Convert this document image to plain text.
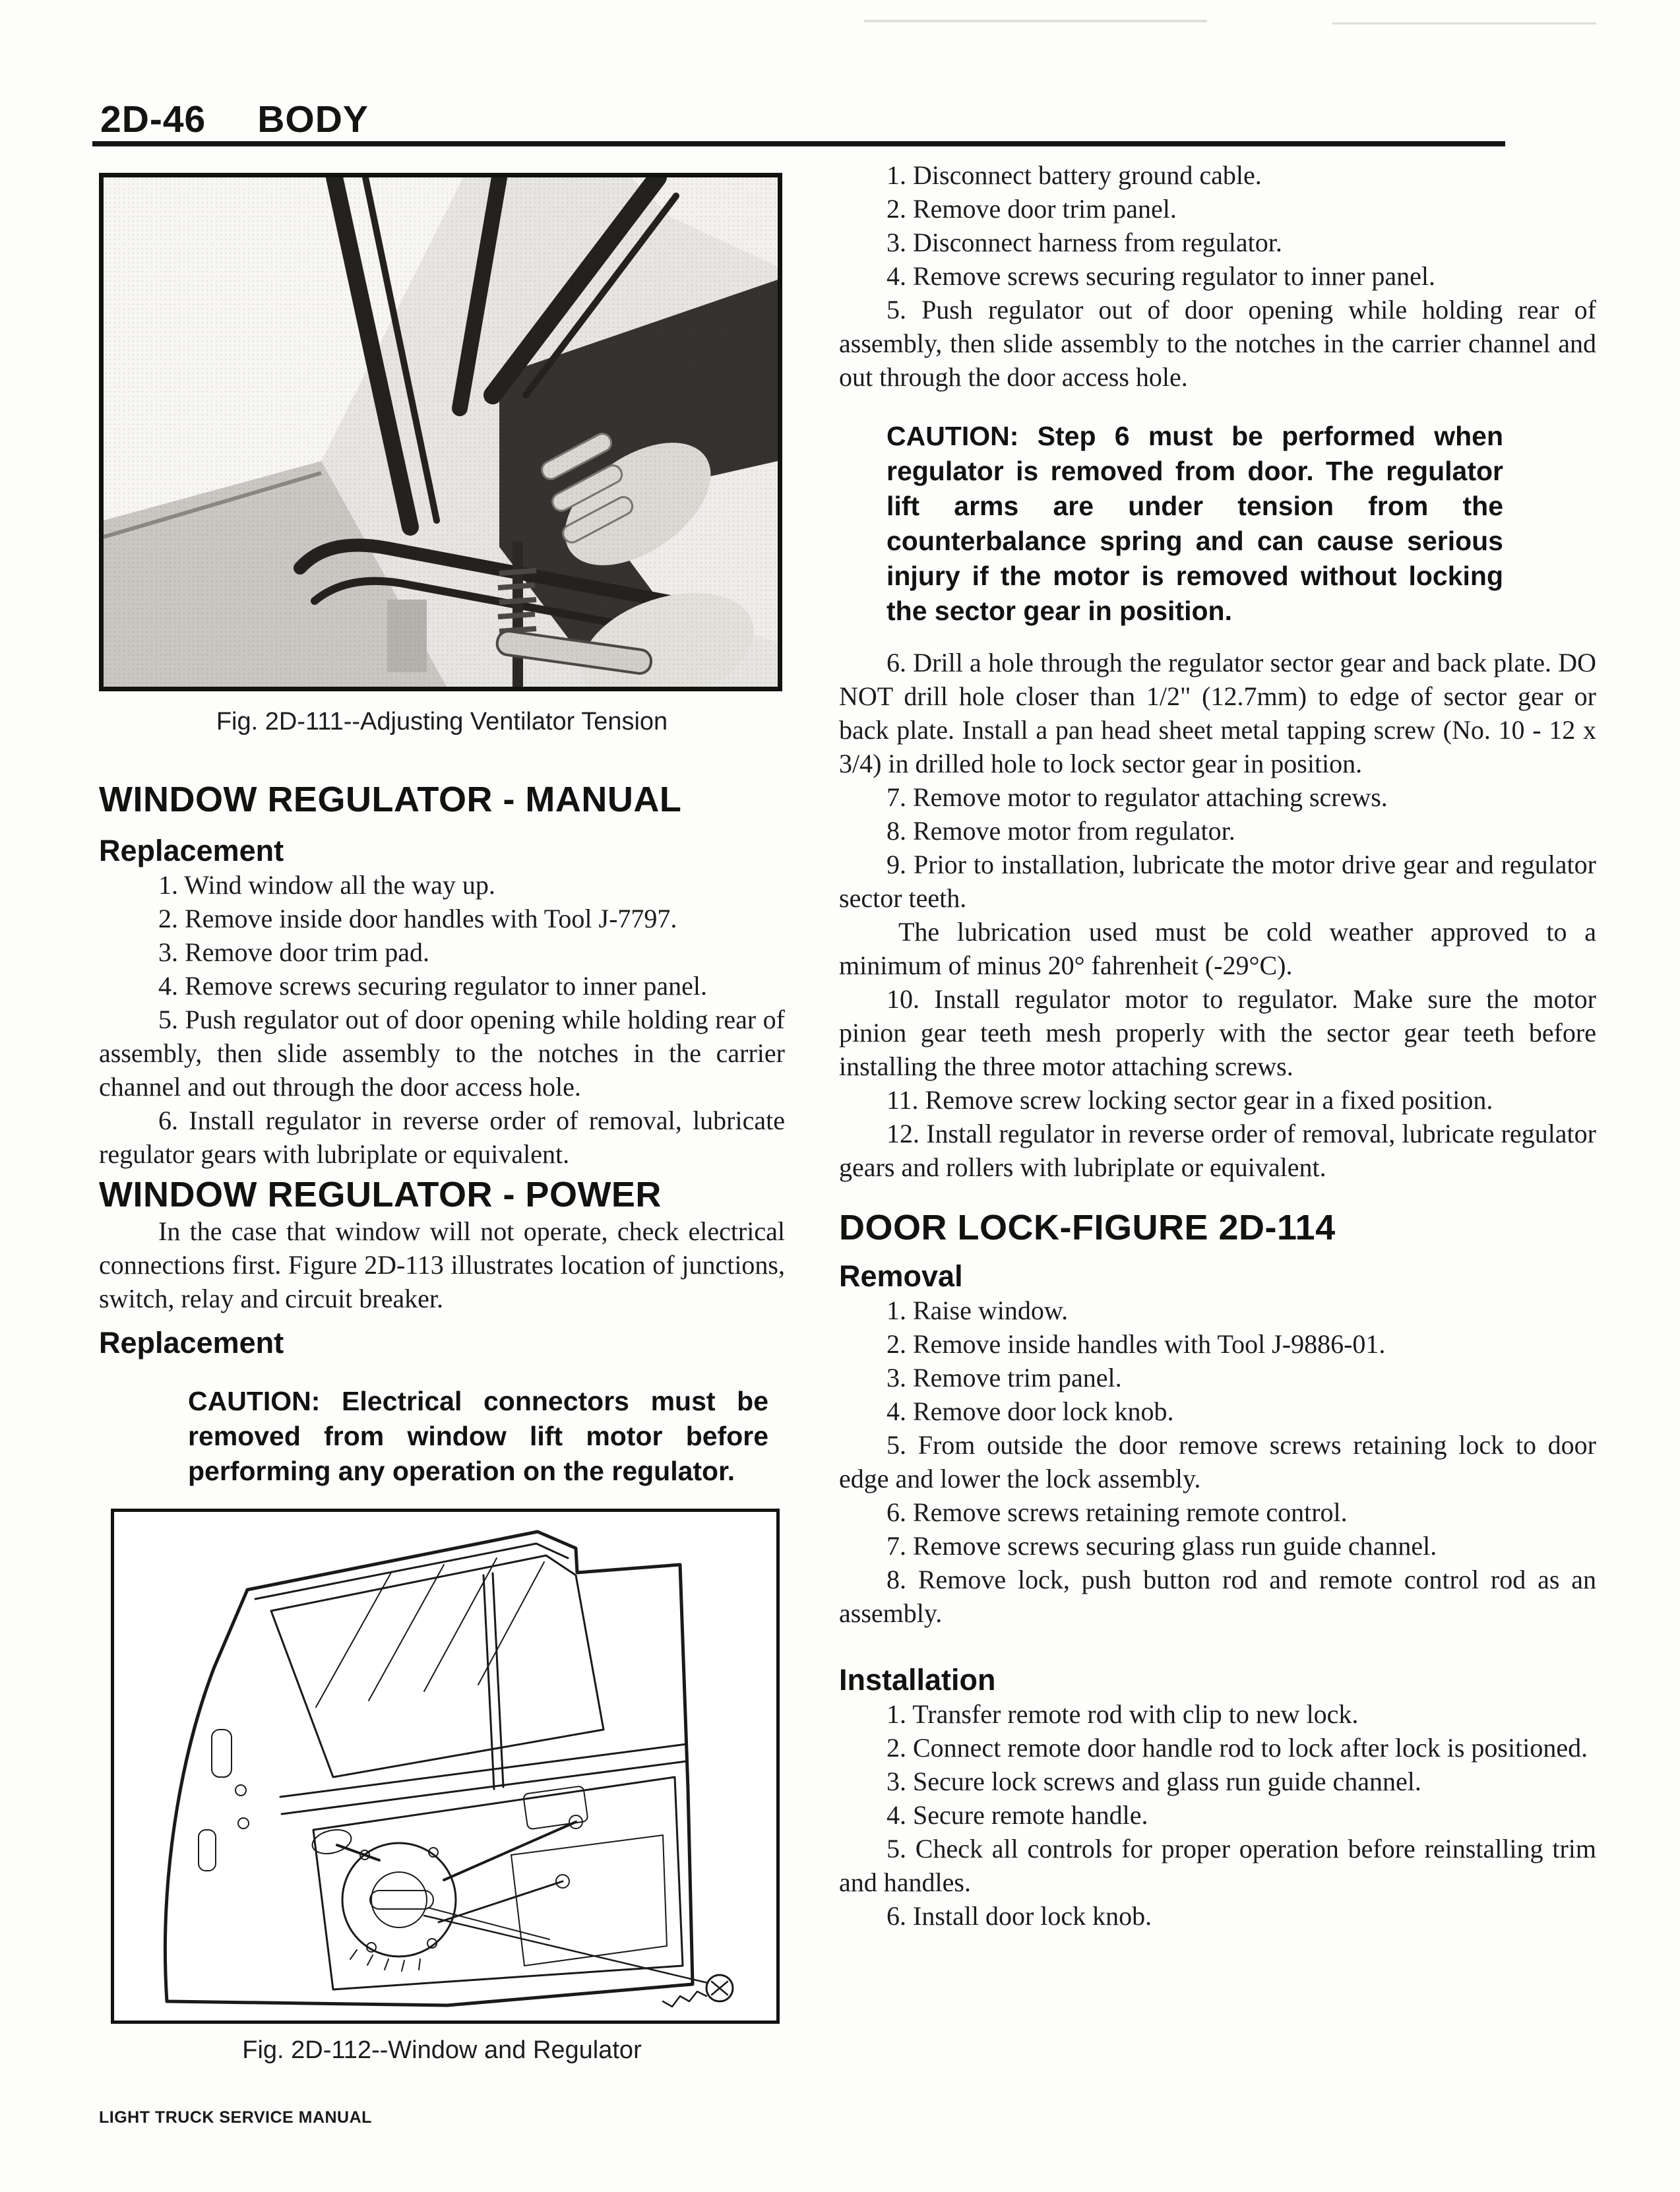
2D-46 BODY

Fig. 2D-111--Adjusting Ventilator Tension

WINDOW REGULATOR - MANUAL
Replacement

1. Wind window all the way up.

2. Remove inside door handles with Tool J-7797.

3. Remove door trim pad.

4. Remove screws securing regulator to inner panel.

5. Push regulator out of door opening while holding rear of assembly, then slide assembly to the notches in the carrier channel and out through the door access hole.

6. Install regulator in reverse order of removal, lubricate regulator gears with lubriplate or equivalent.

WINDOW REGULATOR - POWER

In the case that window will not operate, check electrical connections first. Figure 2D-113 illustrates location of junctions, switch, relay and circuit breaker.

Replacement

CAUTION: Electrical connectors must be removed from window lift motor before performing any operation on the regulator.

Fig. 2D-112--Window and Regulator

1. Disconnect battery ground cable.

2. Remove door trim panel.

3. Disconnect harness from regulator.

4. Remove screws securing regulator to inner panel.

5. Push regulator out of door opening while holding rear of assembly, then slide assembly to the notches in the carrier channel and out through the door access hole.

CAUTION: Step 6 must be performed when regulator is removed from door. The regulator lift arms are under tension from the counterbalance spring and can cause serious injury if the motor is removed without locking the sector gear in position.

6. Drill a hole through the regulator sector gear and back plate. DO NOT drill hole closer than 1/2" (12.7mm) to edge of sector gear or back plate. Install a pan head sheet metal tapping screw (No. 10 - 12 x 3/4) in drilled hole to lock sector gear in position.

7. Remove motor to regulator attaching screws.

8. Remove motor from regulator.

9. Prior to installation, lubricate the motor drive gear and regulator sector teeth.

The lubrication used must be cold weather approved to a minimum of minus 20° fahrenheit (-29°C).

10. Install regulator motor to regulator. Make sure the motor pinion gear teeth mesh properly with the sector gear teeth before installing the three motor attaching screws.

11. Remove screw locking sector gear in a fixed position.

12. Install regulator in reverse order of removal, lubricate regulator gears and rollers with lubriplate or equivalent.

DOOR LOCK-FIGURE 2D-114
Removal

1. Raise window.

2. Remove inside handles with Tool J-9886-01.

3. Remove trim panel.

4. Remove door lock knob.

5. From outside the door remove screws retaining lock to door edge and lower the lock assembly.

6. Remove screws retaining remote control.

7. Remove screws securing glass run guide channel.

8. Remove lock, push button rod and remote control rod as an assembly.

Installation

1. Transfer remote rod with clip to new lock.

2. Connect remote door handle rod to lock after lock is positioned.

3. Secure lock screws and glass run guide channel.

4. Secure remote handle.

5. Check all controls for proper operation before reinstalling trim and handles.

6. Install door lock knob.

LIGHT TRUCK SERVICE MANUAL
